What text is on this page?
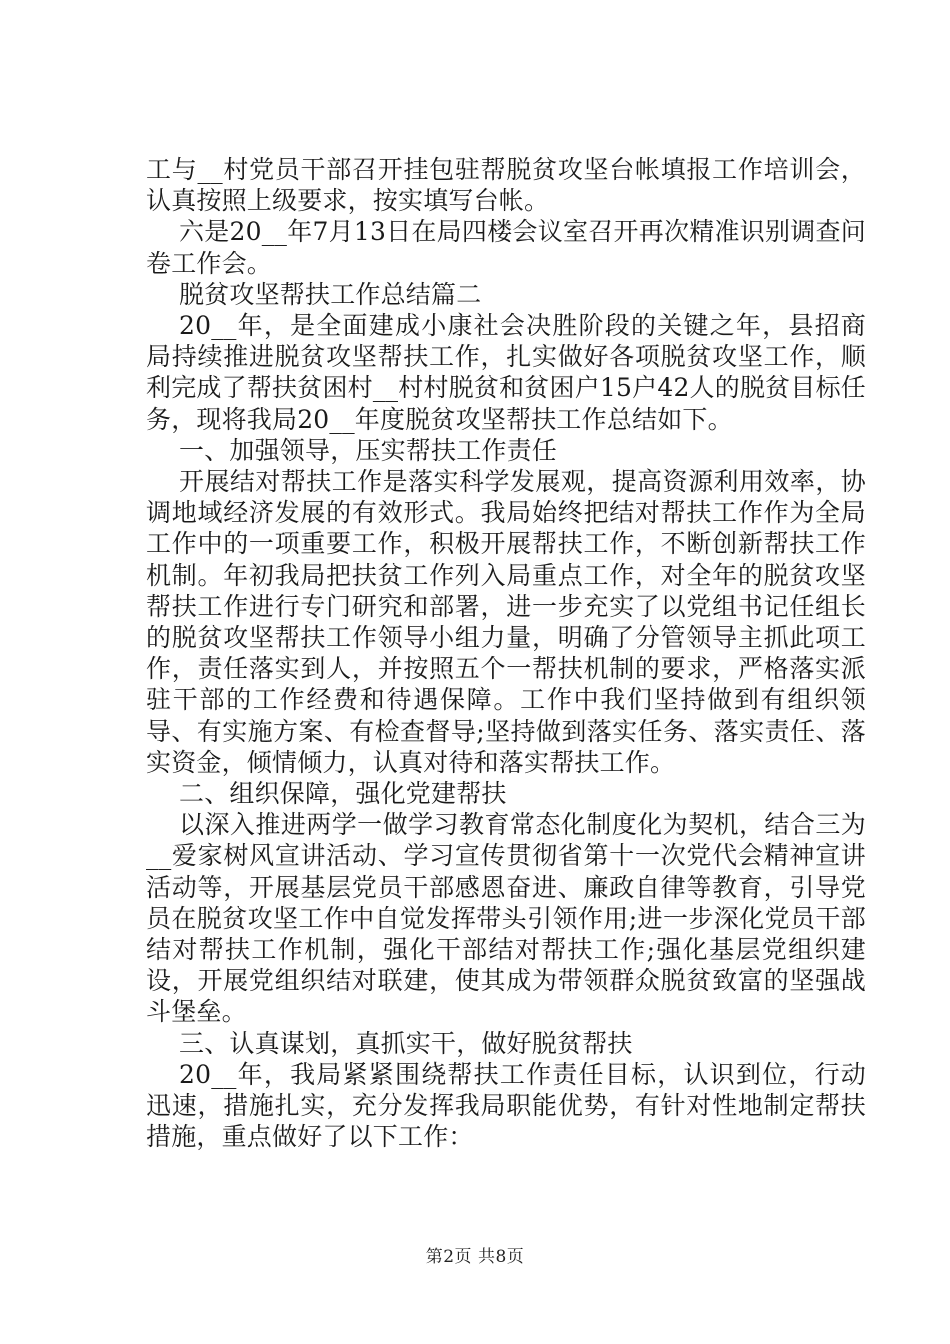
工与__村党员干部召开挂包驻帮脱贫攻坚台帐填报工作培训会，认真按照上级要求，按实填写台帐。

六是20__年7月13日在局四楼会议室召开再次精准识别调查问卷工作会。

脱贫攻坚帮扶工作总结篇二

20__年，是全面建成小康社会决胜阶段的关键之年，县招商局持续推进脱贫攻坚帮扶工作，扎实做好各项脱贫攻坚工作，顺利完成了帮扶贫困村__村村脱贫和贫困户15户42人的脱贫目标任务，现将我局20__年度脱贫攻坚帮扶工作总结如下。

一、加强领导，压实帮扶工作责任

开展结对帮扶工作是落实科学发展观，提高资源利用效率，协调地域经济发展的有效形式。我局始终把结对帮扶工作作为全局工作中的一项重要工作，积极开展帮扶工作，不断创新帮扶工作机制。年初我局把扶贫工作列入局重点工作，对全年的脱贫攻坚帮扶工作进行专门研究和部署，进一步充实了以党组书记任组长的脱贫攻坚帮扶工作领导小组力量，明确了分管领导主抓此项工作，责任落实到人，并按照五个一帮扶机制的要求，严格落实派驻干部的工作经费和待遇保障。工作中我们坚持做到有组织领导、有实施方案、有检查督导;坚持做到落实任务、落实责任、落实资金，倾情倾力，认真对待和落实帮扶工作。

二、组织保障，强化党建帮扶

以深入推进两学一做学习教育常态化制度化为契机，结合三为__爱家树风宣讲活动、学习宣传贯彻省第十一次党代会精神宣讲活动等，开展基层党员干部感恩奋进、廉政自律等教育，引导党员在脱贫攻坚工作中自觉发挥带头引领作用;进一步深化党员干部结对帮扶工作机制，强化干部结对帮扶工作;强化基层党组织建设，开展党组织结对联建，使其成为带领群众脱贫致富的坚强战斗堡垒。

三、认真谋划，真抓实干，做好脱贫帮扶

20__年，我局紧紧围绕帮扶工作责任目标，认识到位，行动迅速，措施扎实，充分发挥我局职能优势，有针对性地制定帮扶措施，重点做好了以下工作：

第2页 共8页
